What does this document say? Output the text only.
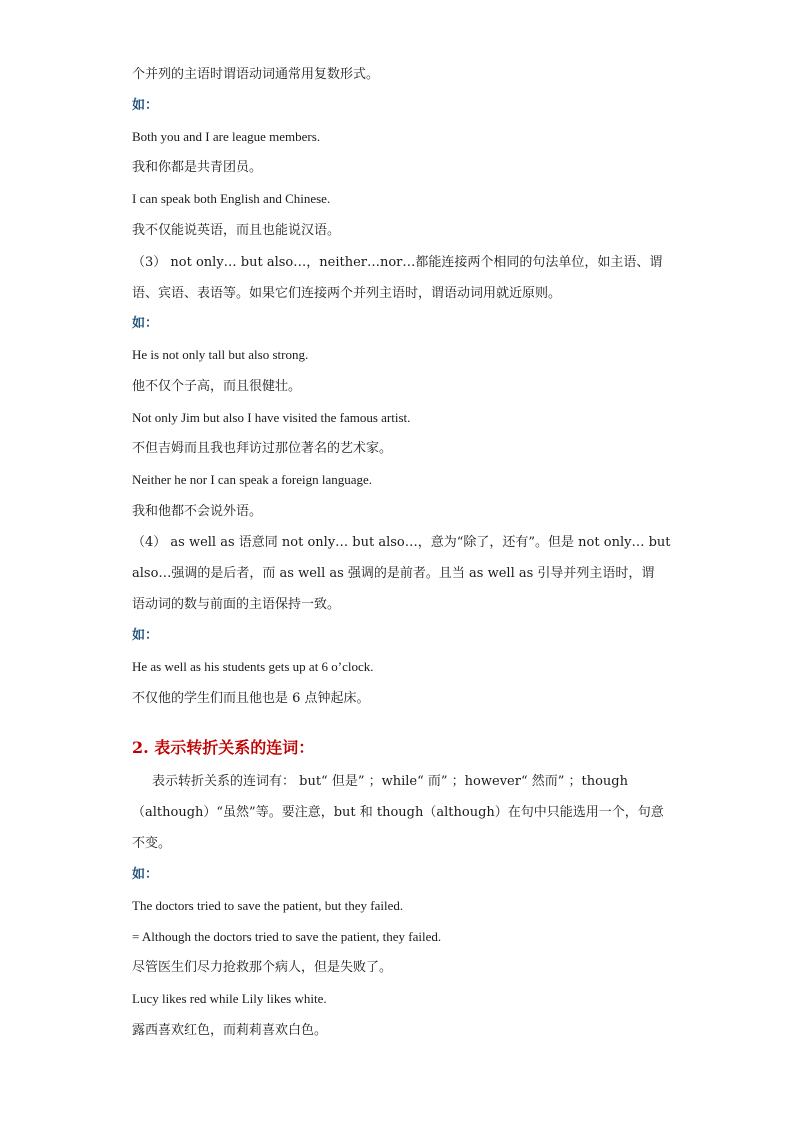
个并列的主语时谓语动词通常用复数形式。
如：
Both you and I are league members.
我和你都是共青团员。
I can speak both English and Chinese.
我不仅能说英语，而且也能说汉语。
（3） not only… but also…，neither…nor…都能连接两个相同的句法单位，如主语、谓
语、宾语、表语等。如果它们连接两个并列主语时，谓语动词用就近原则。
如：
He is not only tall but also strong.
他不仅个子高，而且很健壮。
Not only Jim but also I have visited the famous artist.
不但吉姆而且我也拜访过那位著名的艺术家。
Neither he nor I can speak a foreign language.
我和他都不会说外语。
（4） as well as 语意同 not only… but also…，意为“除了，还有”。但是 not only… but
also…强调的是后者，而 as well as 强调的是前者。且当 as well as 引导并列主语时，谓
语动词的数与前面的主语保持一致。
如：
He as well as his students gets up at 6 o’clock.
不仅他的学生们而且他也是 6 点钟起床。
2. 表示转折关系的连词：
表示转折关系的连词有： but“ 但是” ；while“ 而” ；however“ 然而” ；though
（although）“虽然”等。要注意，but 和 though（although）在句中只能选用一个，句意
不变。
如：
The doctors tried to save the patient, but they failed.
= Although the doctors tried to save the patient, they failed.
尽管医生们尽力抢救那个病人，但是失败了。
Lucy likes red while Lily likes white.
露西喜欢红色，而莉莉喜欢白色。
